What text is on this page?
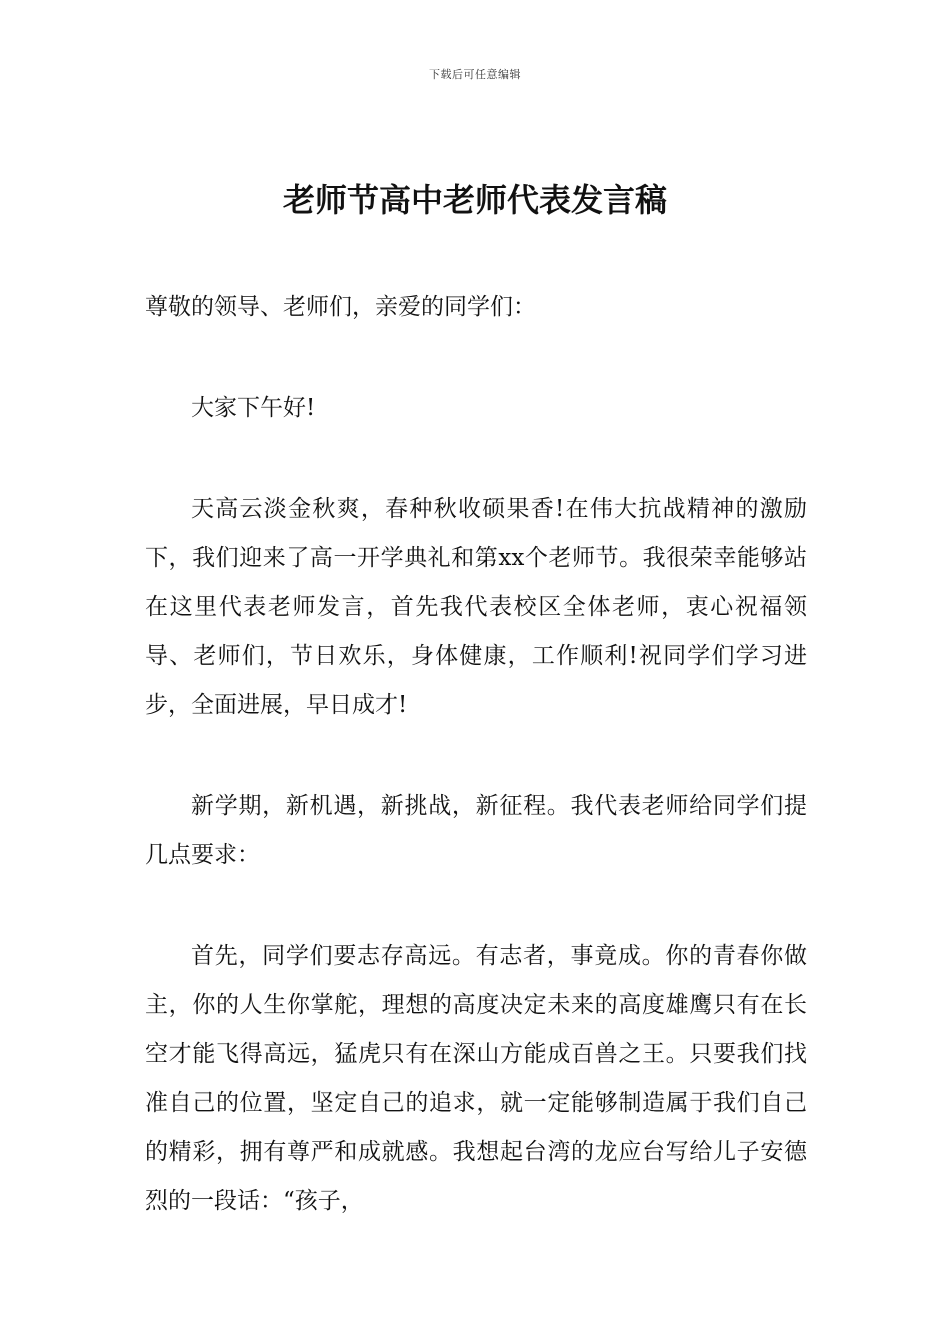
下载后可任意编辑
老师节高中老师代表发言稿

尊敬的领导、老师们，亲爱的同学们：

大家下午好!

天高云淡金秋爽，春种秋收硕果香!在伟大抗战精神的激励下，我们迎来了高一开学典礼和第xx个老师节。我很荣幸能够站在这里代表老师发言，首先我代表校区全体老师，衷心祝福领导、老师们，节日欢乐，身体健康，工作顺利!祝同学们学习进步，全面进展，早日成才!

新学期，新机遇，新挑战，新征程。我代表老师给同学们提几点要求：

首先，同学们要志存高远。有志者，事竟成。你的青春你做主，你的人生你掌舵，理想的高度决定未来的高度雄鹰只有在长空才能飞得高远，猛虎只有在深山方能成百兽之王。只要我们找准自己的位置，坚定自己的追求，就一定能够制造属于我们自己的精彩，拥有尊严和成就感。我想起台湾的龙应台写给儿子安德烈的一段话：“孩子，
